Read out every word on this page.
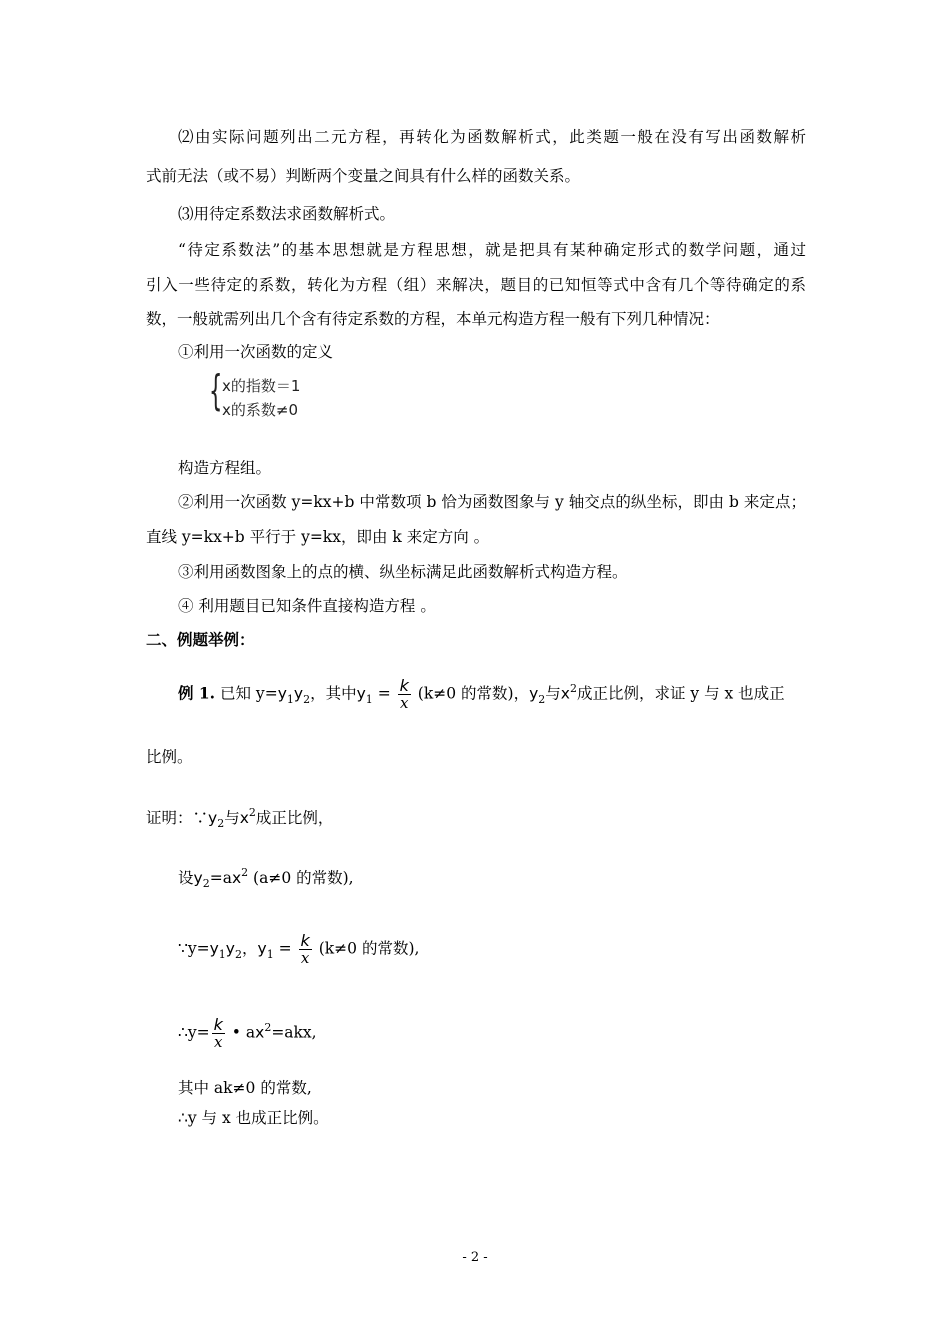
⑵由实际问题列出二元方程，再转化为函数解析式，此类题一般在没有写出函数解析
式前无法（或不易）判断两个变量之间具有什么样的函数关系。
⑶用待定系数法求函数解析式。
“待定系数法”的基本思想就是方程思想，就是把具有某种确定形式的数学问题，通过
引入一些待定的系数，转化为方程（组）来解决，题目的已知恒等式中含有几个等待确定的系
数，一般就需列出几个含有待定系数的方程，本单元构造方程一般有下列几种情况：
①利用一次函数的定义
{ x的指数＝1
x的系数≠0
构造方程组。
②利用一次函数 y=kx+b 中常数项 b 恰为函数图象与 y 轴交点的纵坐标，即由 b 来定点；
直线 y=kx+b 平行于 y=kx，即由 k 来定方向 。
③利用函数图象上的点的横、纵坐标满足此函数解析式构造方程。
④ 利用题目已知条件直接构造方程 。
二、例题举例：
例 1. 已知 $y=y_1y_2$，其中$y_1 = \frac{k}{x} (k\ne 0$ 的常数)，$y_2$与$x^2$成正比例，求证 y 与 x 也成正
比例。
证明：$\because y_2$与$x^2$成正比例，
设$y_2=ax^2$ (a≠0 的常数),
$\because y=y_1y_2$，$y_1 = \frac{k}{x} (k\ne 0$ 的常数),
∴y= $\frac{k}{x}$ • $ax^2=akx$,
其中 ak≠0 的常数,
∴y 与 x 也成正比例。
- 2 -
